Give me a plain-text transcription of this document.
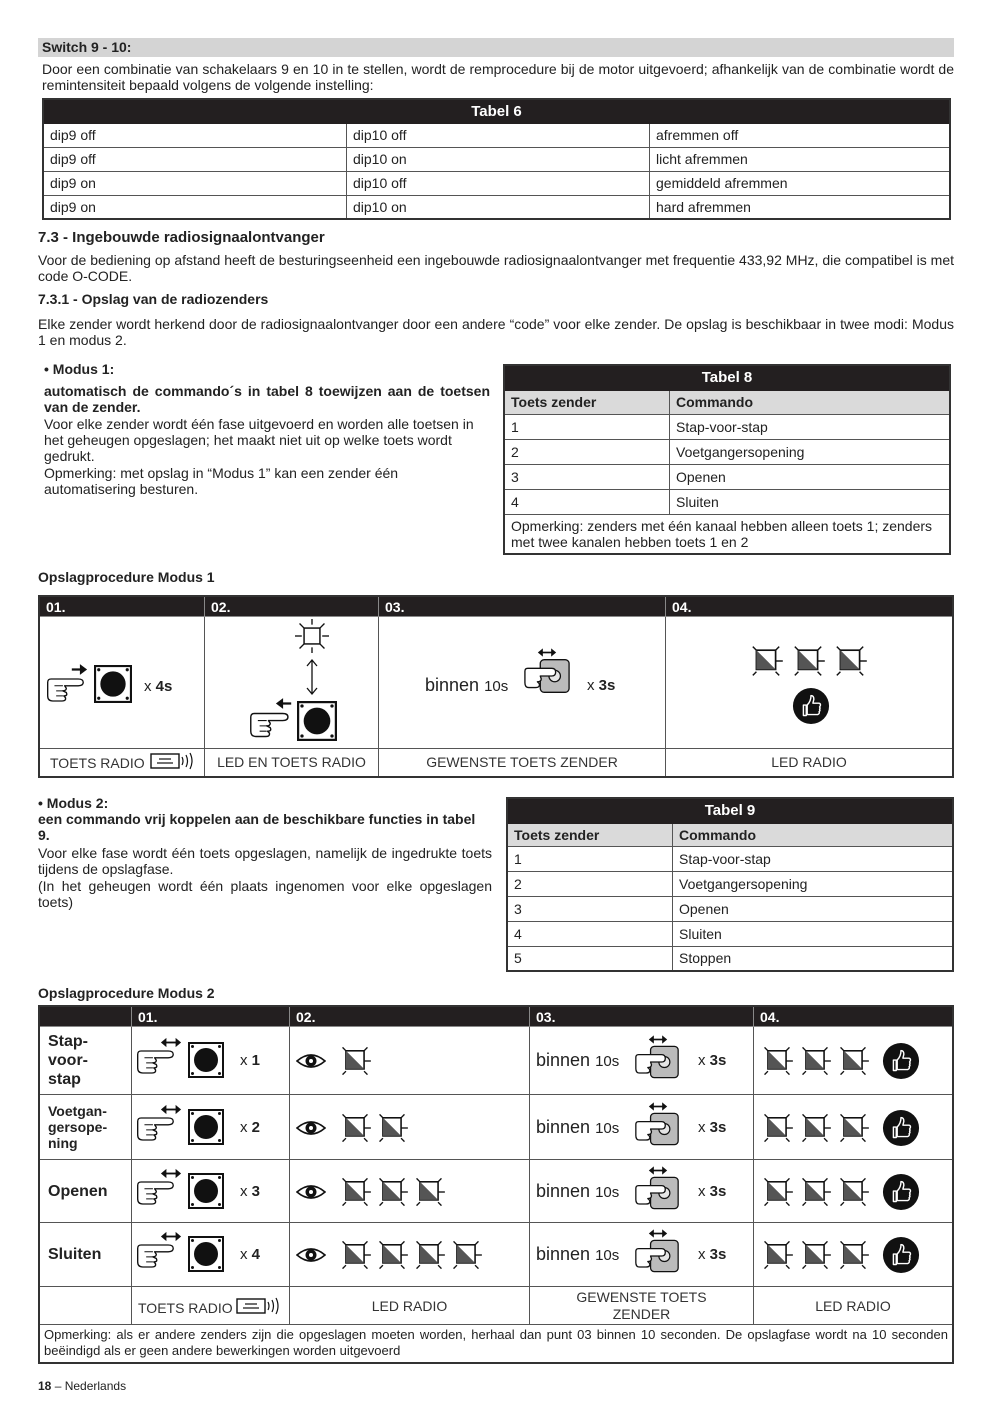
Switch 9 - 10:
Door een combinatie van schakelaars 9 en 10 in te stellen, wordt de remprocedure bij de motor uitgevoerd; afhankelijk van de combinatie wordt de remintensiteit bepaald volgens de volgende instelling:
Tabel 6		
dip9 off	dip10 off	afremmen off
dip9 off	dip10 on	licht afremmen
dip9 on	dip10 off	gemiddeld afremmen
dip9 on	dip10 on	hard afremmen
7.3 - Ingebouwde radiosignaalontvanger
Voor de bediening op afstand heeft de besturingseenheid een ingebouwde radiosignaalontvanger met frequentie 433,92 MHz, die compatibel is met code O-CODE.
7.3.1 - Opslag van de radiozenders
Elke zender wordt herkend door de radiosignaalontvanger door een andere “code” voor elke zender. De opslag is beschikbaar in twee modi: Modus 1 en modus 2.
• Modus 1:
automatisch de commando´s in tabel 8 toewijzen aan de toetsen van de zender.
Voor elke zender wordt één fase uitgevoerd en worden alle toetsen in het geheugen opgeslagen; het maakt niet uit op welke toets wordt gedrukt.
Opmerking: met opslag in “Modus 1” kan een zender één automatisering besturen.
Tabel 8	
Toets zender	Commando
1	Stap-voor-stap
2	Voetgangersopening
3	Openen
4	Sluiten
Opmerking: zenders met één kanaal hebben alleen toets 1; zenders met twee kanalen hebben toets 1 en 2	
Opslagprocedure Modus 1
01.	02.	03.	04.

x 4s		binnen 10s x 3s

TOETS RADIO	LED EN TOETS RADIO	GEWENSTE TOETS ZENDER	LED RADIO
• Modus 2:
een commando vrij koppelen aan de beschikbare functies in tabel 9.
Voor elke fase wordt één toets opgeslagen, namelijk de ingedrukte toets tijdens de opslagfase.
(In het geheugen wordt één plaats ingenomen voor elke opgeslagen toets)
Tabel 9	
Toets zender	Commando
1	Stap-voor-stap
2	Voetgangersopening
3	Openen
4	Sluiten
5	Stoppen
Opslagprocedure Modus 2
	01.	02.	03.	04.
Stap-
voor-
stap	x 1		binnen 10s x 3s

Voetgan-
gersope-
ning	x 2		binnen 10s x 3s

Openen	x 3		binnen 10s x 3s

Sluiten	x 4		binnen 10s x 3s

	TOETS RADIO	LED RADIO	GEWENSTE TOETS
ZENDER	LED RADIO
Opmerking: als er andere zenders zijn die opgeslagen moeten worden, herhaal dan punt 03 binnen 10 seconden. De opslagfase wordt na 10 seconden beëindigd als er geen andere bewerkingen worden uitgevoerd				
18 – Nederlands
